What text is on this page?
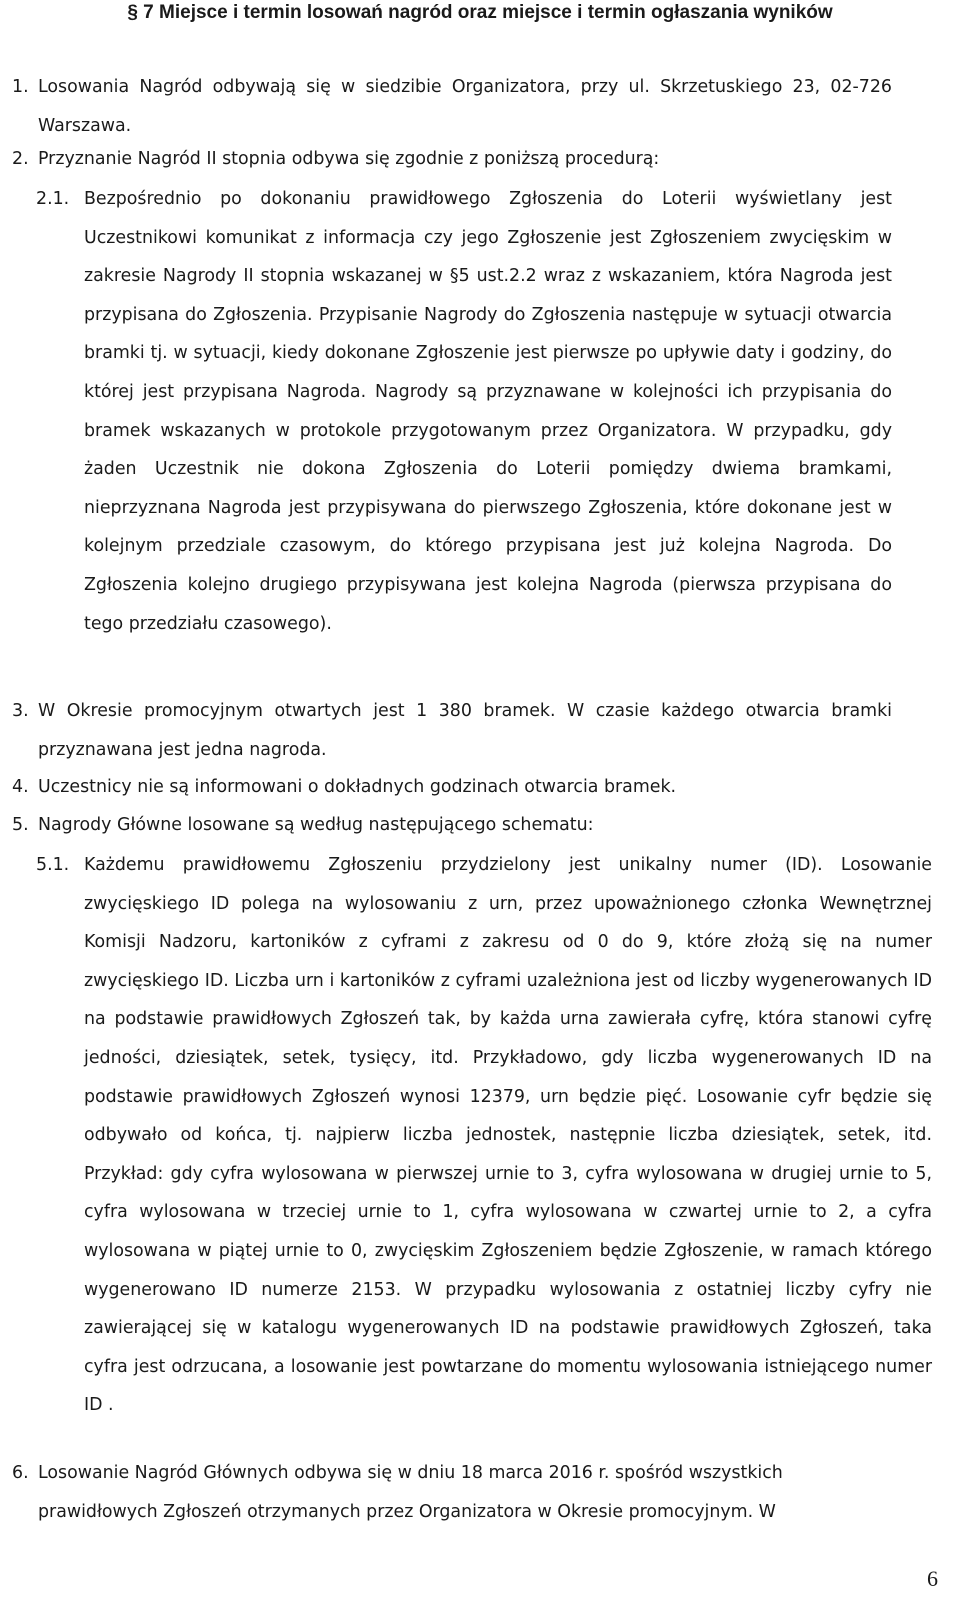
§ 7 Miejsce i termin losowań nagród oraz miejsce i termin ogłaszania wyników
1. Losowania Nagród odbywają się w siedzibie Organizatora, przy ul. Skrzetuskiego 23, 02-726 Warszawa.
2. Przyznanie Nagród II stopnia odbywa się zgodnie z poniższą procedurą:
2.1. Bezpośrednio po dokonaniu prawidłowego Zgłoszenia do Loterii wyświetlany jest Uczestnikowi komunikat z informacja czy jego Zgłoszenie jest Zgłoszeniem zwycięskim w zakresie Nagrody II stopnia wskazanej w §5 ust.2.2 wraz z wskazaniem, która Nagroda jest przypisana do Zgłoszenia. Przypisanie Nagrody do Zgłoszenia następuje w sytuacji otwarcia bramki tj. w sytuacji, kiedy dokonane Zgłoszenie jest pierwsze po upływie daty i godziny, do której jest przypisana Nagroda. Nagrody są przyznawane w kolejności ich przypisania do bramek wskazanych w protokole przygotowanym przez Organizatora. W przypadku, gdy żaden Uczestnik nie dokona Zgłoszenia do Loterii pomiędzy dwiema bramkami, nieprzyznana Nagroda jest przypisywana do pierwszego Zgłoszenia, które dokonane jest w kolejnym przedziale czasowym, do którego przypisana jest już kolejna Nagroda. Do Zgłoszenia kolejno drugiego przypisywana jest kolejna Nagroda (pierwsza przypisana do tego przedziału czasowego).
3. W Okresie promocyjnym otwartych jest 1 380 bramek. W czasie każdego otwarcia bramki przyznawana jest jedna nagroda.
4. Uczestnicy nie są informowani o dokładnych godzinach otwarcia bramek.
5. Nagrody Główne losowane są według następującego schematu:
5.1. Każdemu prawidłowemu Zgłoszeniu przydzielony jest unikalny numer (ID). Losowanie zwycięskiego ID polega na wylosowaniu z urn, przez upoważnionego członka Wewnętrznej Komisji Nadzoru, kartoników z cyframi z zakresu od 0 do 9, które złożą się na numer zwycięskiego ID. Liczba urn i kartoników z cyframi uzależniona jest od liczby wygenerowanych ID na podstawie prawidłowych Zgłoszeń tak, by każda urna zawierała cyfrę, która stanowi cyfrę jedności, dziesiątek, setek, tysięcy, itd. Przykładowo, gdy liczba wygenerowanych ID na podstawie prawidłowych Zgłoszeń wynosi 12379, urn będzie pięć. Losowanie cyfr będzie się odbywało od końca, tj. najpierw liczba jednostek, następnie liczba dziesiątek, setek, itd. Przykład: gdy cyfra wylosowana w pierwszej urnie to 3, cyfra wylosowana w drugiej urnie to 5, cyfra wylosowana w trzeciej urnie to 1, cyfra wylosowana w czwartej urnie to 2, a cyfra wylosowana w piątej urnie to 0, zwycięskim Zgłoszeniem będzie Zgłoszenie, w ramach którego wygenerowano ID numerze 2153. W przypadku wylosowania z ostatniej liczby cyfry nie zawierającej się w katalogu wygenerowanych ID na podstawie prawidłowych Zgłoszeń, taka cyfra jest odrzucana, a losowanie jest powtarzane do momentu wylosowania istniejącego numer ID .
6. Losowanie Nagród Głównych odbywa się w dniu 18 marca 2016 r. spośród wszystkich prawidłowych Zgłoszeń otrzymanych przez Organizatora w Okresie promocyjnym. W
6
